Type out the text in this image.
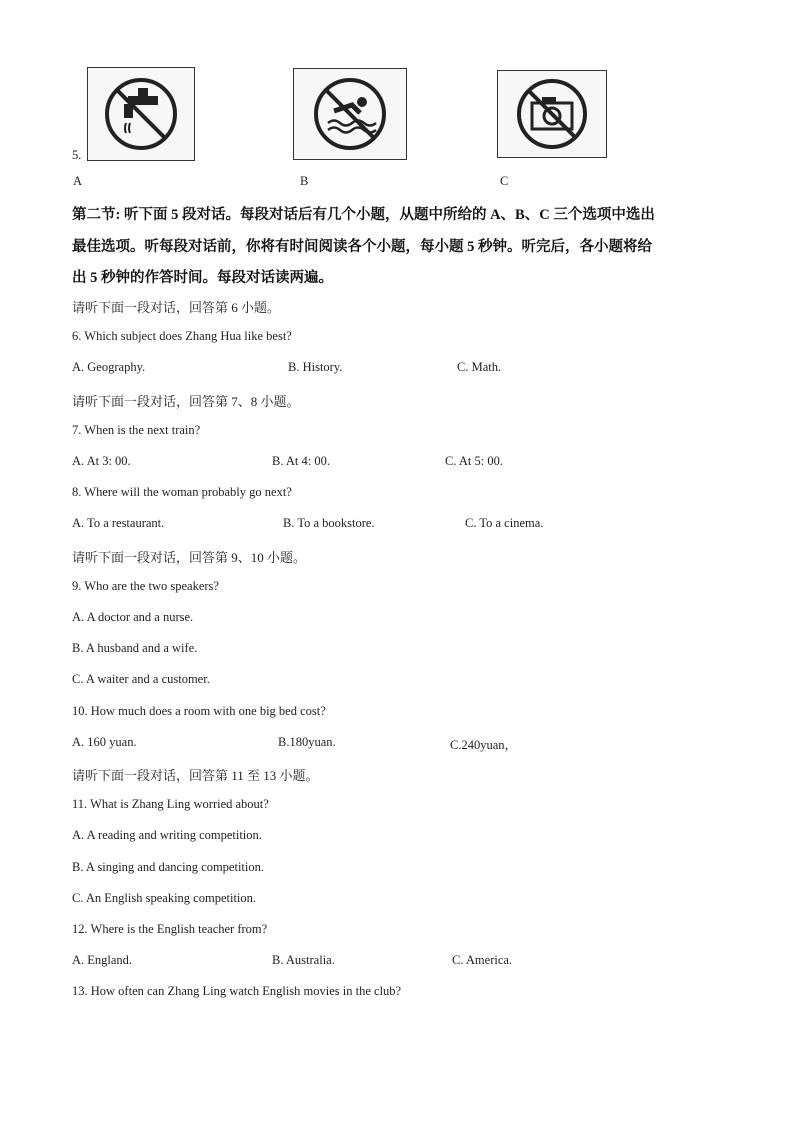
5.
A	B	C
第二节: 听下面 5 段对话。每段对话后有几个小题，从题中所给的 A、B、C 三个选项中选出
最佳选项。听每段对话前，你将有时间阅读各个小题，每小题 5 秒钟。听完后，各小题将给
出 5 秒钟的作答时间。每段对话读两遍。
请听下面一段对话，回答第 6 小题。
6. Which subject does Zhang Hua like best?
A. Geography.	B. History.	C. Math.
请听下面一段对话，回答第 7、8 小题。
7. When is the next train?
A. At 3: 00.	B. At 4: 00.	C. At 5: 00.
8. Where will the woman probably go next?
A. To a restaurant.	B. To a bookstore.	C. To a cinema.
请听下面一段对话，回答第 9、10 小题。
9. Who are the two speakers?
A. A doctor and a nurse.
B. A husband and a wife.
C. A waiter and a customer.
10. How much does a room with one big bed cost?
A. 160 yuan.	B.180yuan.	C.240yuan，
请听下面一段对话，回答第 11 至 13 小题。
11. What is Zhang Ling worried about?
A. A reading and writing competition.
B. A singing and dancing competition.
C. An English speaking competition.
12. Where is the English teacher from?
A. England.	B. Australia.	C. America.
13. How often can Zhang Ling watch English movies in the club?
